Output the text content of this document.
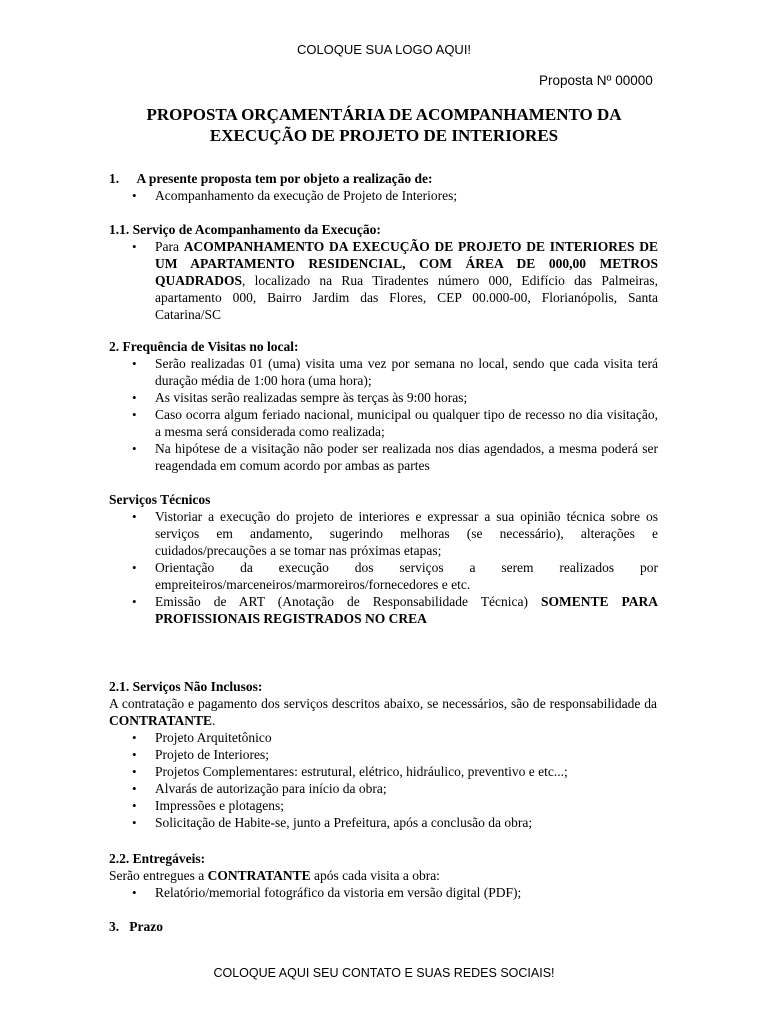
COLOQUE SUA LOGO AQUI!
Proposta Nº 00000
PROPOSTA ORÇAMENTÁRIA DE ACOMPANHAMENTO DA
EXECUÇÃO DE PROJETO DE INTERIORES
1. A presente proposta tem por objeto a realização de:
• Acompanhamento da execução de Projeto de Interiores;
1.1. Serviço de Acompanhamento da Execução:
• Para ACOMPANHAMENTO DA EXECUÇÃO DE PROJETO DE INTERIORES DE UM APARTAMENTO RESIDENCIAL, COM ÁREA DE 000,00 METROS QUADRADOS, localizado na Rua Tiradentes número 000, Edifício das Palmeiras, apartamento 000, Bairro Jardim das Flores, CEP 00.000-00, Florianópolis, Santa Catarina/SC
2. Frequência de Visitas no local:
• Serão realizadas 01 (uma) visita uma vez por semana no local, sendo que cada visita terá duração média de 1:00 hora (uma hora);
• As visitas serão realizadas sempre às terças às 9:00 horas;
• Caso ocorra algum feriado nacional, municipal ou qualquer tipo de recesso no dia visitação, a mesma será considerada como realizada;
• Na hipótese de a visitação não poder ser realizada nos dias agendados, a mesma poderá ser reagendada em comum acordo por ambas as partes
Serviços Técnicos
• Vistoriar a execução do projeto de interiores e expressar a sua opinião técnica sobre os serviços em andamento, sugerindo melhoras (se necessário), alterações e cuidados/precauções a se tomar nas próximas etapas;
• Orientação da execução dos serviços a serem realizados por empreiteiros/marceneiros/marmoreiros/fornecedores e etc.
• Emissão de ART (Anotação de Responsabilidade Técnica) SOMENTE PARA PROFISSIONAIS REGISTRADOS NO CREA
2.1. Serviços Não Inclusos:
A contratação e pagamento dos serviços descritos abaixo, se necessários, são de responsabilidade da CONTRATANTE.
• Projeto Arquitetônico
• Projeto de Interiores;
• Projetos Complementares: estrutural, elétrico, hidráulico, preventivo e etc...;
• Alvarás de autorização para início da obra;
• Impressões e plotagens;
• Solicitação de Habite-se, junto a Prefeitura, após a conclusão da obra;
2.2. Entregáveis:
Serão entregues a CONTRATANTE após cada visita a obra:
• Relatório/memorial fotográfico da vistoria em versão digital (PDF);
3.   Prazo
COLOQUE AQUI SEU CONTATO E SUAS REDES SOCIAIS!
